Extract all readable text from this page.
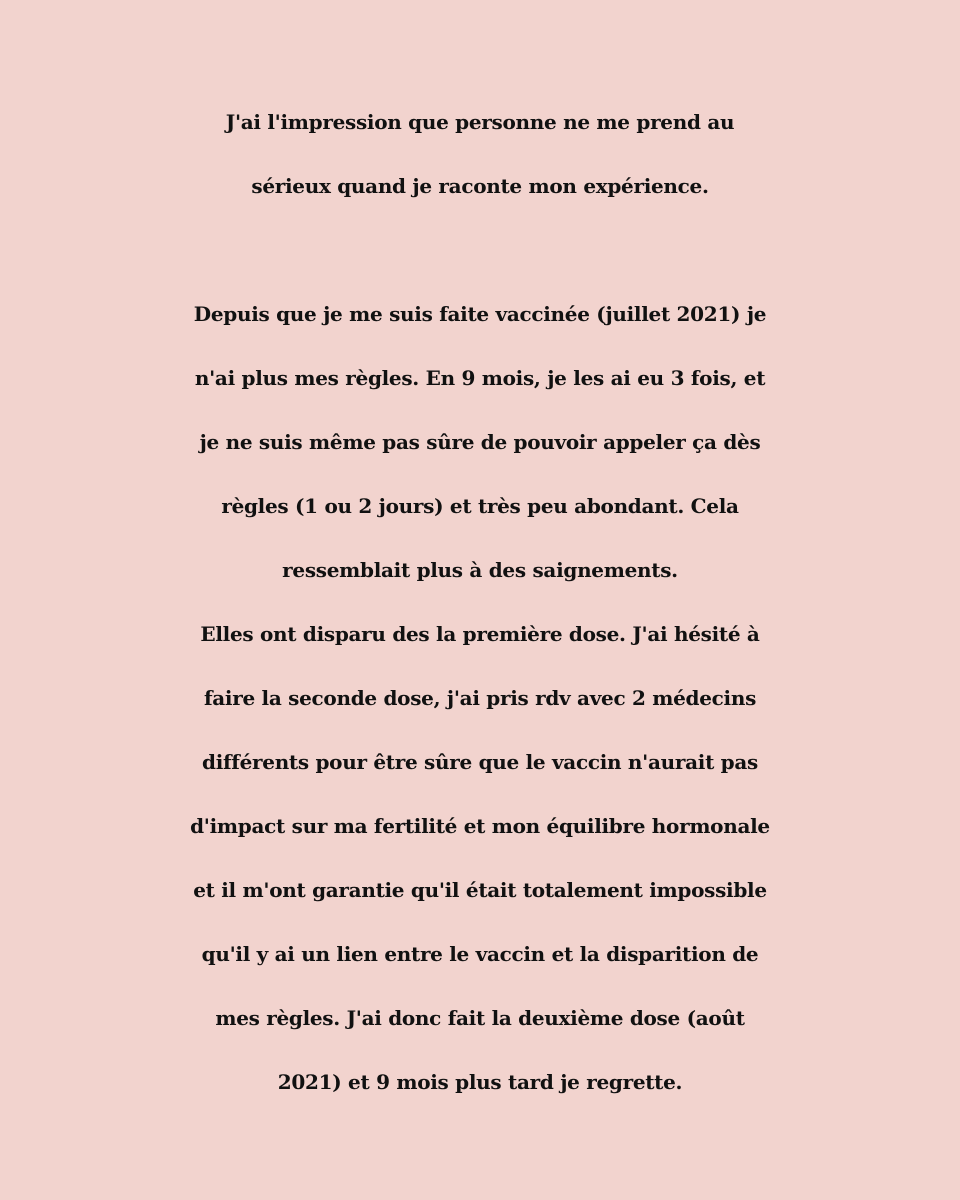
J'ai l'impression que personne ne me prend au
sérieux quand je raconte mon expérience.
Depuis que je me suis faite vaccinée (juillet 2021) je
n'ai plus mes règles. En 9 mois, je les ai eu 3 fois, et
je ne suis même pas sûre de pouvoir appeler ça dès
règles (1 ou 2 jours) et très peu abondant. Cela
ressemblait plus à des saignements.
Elles ont disparu des la première dose. J'ai hésité à
faire la seconde dose, j'ai pris rdv avec 2 médecins
différents pour être sûre que le vaccin n'aurait pas
d'impact sur ma fertilité et mon équilibre hormonale
et il m'ont garantie qu'il était totalement impossible
qu'il y ai un lien entre le vaccin et la disparition de
mes règles. J'ai donc fait la deuxième dose (août
2021) et 9 mois plus tard je regrette.
